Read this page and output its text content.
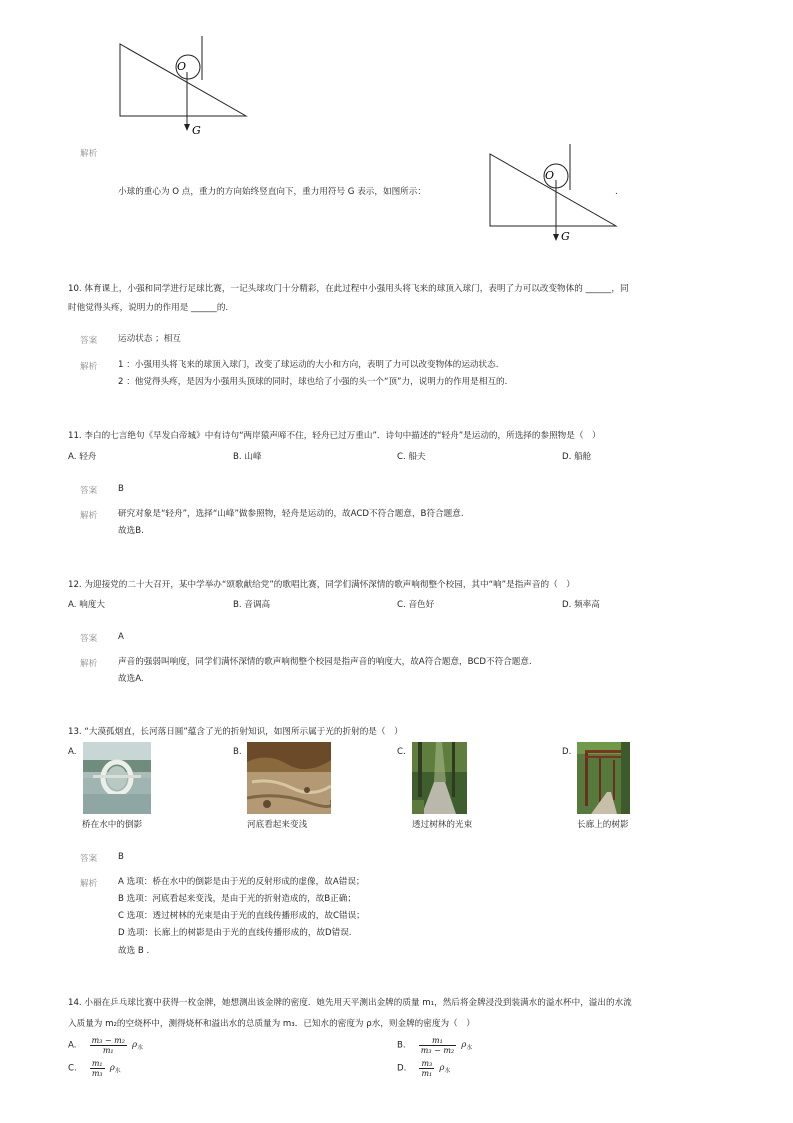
O
G
解析
小球的重心为 O 点，重力的方向始终竖直向下，重力用符号 G 表示，如图所示：
O
G
.
10. 体育课上，小强和同学进行足球比赛，一记头球攻门十分精彩，在此过程中小强用头将飞来的球顶入球门，表明了力可以改变物体的 ______，同
时他觉得头疼，说明力的作用是 ______的.
答案 运动状态 ；相互
解析 1 ：小强用头将飞来的球顶入球门，改变了球运动的大小和方向，表明了力可以改变物体的运动状态.
2 ：他觉得头疼，是因为小强用头顶球的同时，球也给了小强的头一个“顶”力，说明力的作用是相互的.
11. 李白的七言绝句《早发白帝城》中有诗句“两岸猿声啼不住，轻舟已过万重山”．诗句中描述的“轻舟”是运动的，所选择的参照物是（　）
A. 轻舟	B. 山峰	C. 船夫	D. 船舱
答案 B
解析 研究对象是“轻舟”，选择“山峰”做参照物，轻舟是运动的，故ACD不符合题意，B符合题意.
故选B.
12. 为迎接党的二十大召开，某中学举办“颂歌献给党”的歌唱比赛，同学们满怀深情的歌声响彻整个校园，其中“响”是指声音的（　）
A. 响度大	B. 音调高	C. 音色好	D. 频率高
答案 A
解析 声音的强弱叫响度，同学们满怀深情的歌声响彻整个校园是指声音的响度大，故A符合题意，BCD不符合题意.
故选A.
13. “大漠孤烟直，长河落日圆”蕴含了光的折射知识，如图所示属于光的折射的是（　）
A.
桥在水中的倒影
B.
河底看起来变浅
C.
透过树林的光束
D.
长廊上的树影
答案 B
解析 A 选项：桥在水中的倒影是由于光的反射形成的虚像，故A错误；
B 选项：河底看起来变浅，是由于光的折射造成的，故B正确；
C 选项：透过树林的光束是由于光的直线传播形成的，故C错误；
D 选项：长廊上的树影是由于光的直线传播形成的，故D错误.
故选 B .
14. 小丽在乒乓球比赛中获得一枚金牌，她想测出该金牌的密度．她先用天平测出金牌的质量 m₁，然后将金牌浸没到装满水的溢水杯中，溢出的水流
入质量为 m₂的空烧杯中，测得烧杯和溢出水的总质量为 m₃．已知水的密度为 ρ水，则金牌的密度为（　）
A. $\frac{\text{m₃ − m₂}}{\text{m₁}} \rho_水$	B. $\frac{\text{m₁}}{\text{m₃ − m₂}} \rho_水$
C. $\frac{\text{m₁}}{\text{m₃}} \rho_水$	D. $\frac{\text{m₃}}{\text{m₁}} \rho_水$
